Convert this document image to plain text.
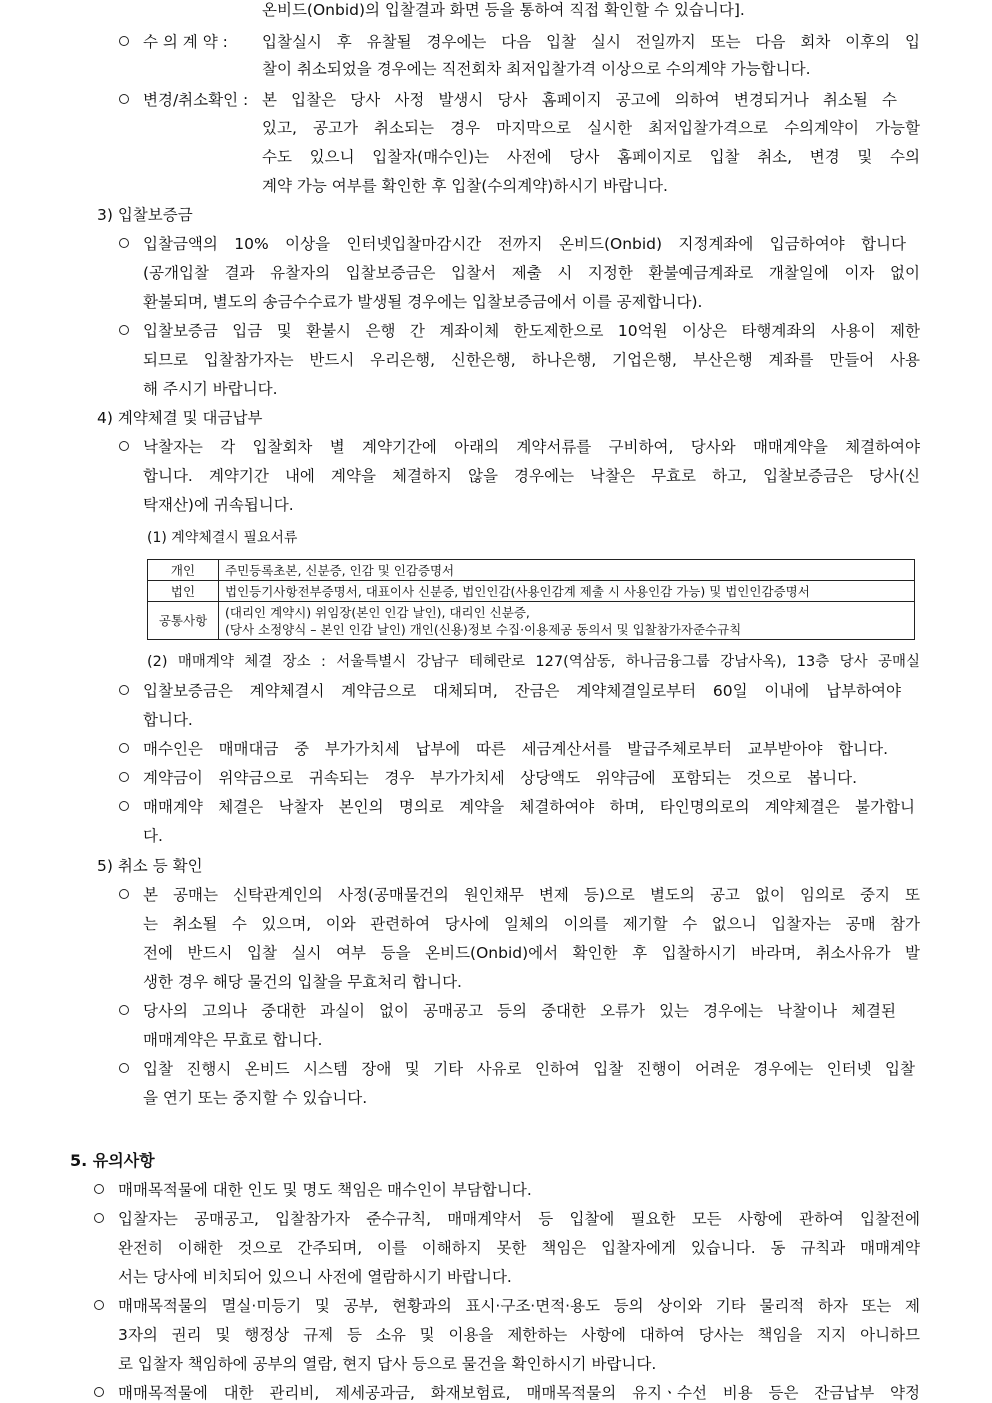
온비드(Onbid)의 입찰결과 화면 등을 통하여 직접 확인할 수 있습니다].
수 의 계 약 : 입찰실시 후 유찰될 경우에는 다음 입찰 실시 전일까지 또는 다음 회차 이후의 입
찰이 취소되었을 경우에는 직전회차 최저입찰가격 이상으로 수의계약 가능합니다.
변경/취소확인 : 본 입찰은 당사 사정 발생시 당사 홈페이지 공고에 의하여 변경되거나 취소될 수
있고, 공고가 취소되는 경우 마지막으로 실시한 최저입찰가격으로 수의계약이 가능할
수도 있으니 입찰자(매수인)는 사전에 당사 홈페이지로 입찰 취소, 변경 및 수의
계약 가능 여부를 확인한 후 입찰(수의계약)하시기 바랍니다.
3) 입찰보증금
입찰금액의 10% 이상을 인터넷입찰마감시간 전까지 온비드(Onbid) 지정계좌에 입금하여야 합니다
(공개입찰 결과 유찰자의 입찰보증금은 입찰서 제출 시 지정한 환불예금계좌로 개찰일에 이자 없이
환불되며, 별도의 송금수수료가 발생될 경우에는 입찰보증금에서 이를 공제합니다).
입찰보증금 입금 및 환불시 은행 간 계좌이체 한도제한으로 10억원 이상은 타행계좌의 사용이 제한
되므로 입찰참가자는 반드시 우리은행, 신한은행, 하나은행, 기업은행, 부산은행 계좌를 만들어 사용
해 주시기 바랍니다.
4) 계약체결 및 대금납부
낙찰자는 각 입찰회차 별 계약기간에 아래의 계약서류를 구비하여, 당사와 매매계약을 체결하여야
합니다. 계약기간 내에 계약을 체결하지 않을 경우에는 낙찰은 무효로 하고, 입찰보증금은 당사(신
탁재산)에 귀속됩니다.
(1) 계약체결시 필요서류
개인	주민등록초본, 신분증, 인감 및 인감증명서
법인	법인등기사항전부증명서, 대표이사 신분증, 법인인감(사용인감계 제출 시 사용인감 가능) 및 법인인감증명서
공통사항	(대리인 계약시) 위임장(본인 인감 날인), 대리인 신분증,
(당사 소정양식 – 본인 인감 날인) 개인(신용)정보 수집·이용제공 동의서 및 입찰참가자준수규칙
(2) 매매계약 체결 장소 : 서울특별시 강남구 테헤란로 127(역삼동, 하나금융그룹 강남사옥), 13층 당사 공매실
입찰보증금은 계약체결시 계약금으로 대체되며, 잔금은 계약체결일로부터 60일 이내에 납부하여야
합니다.
매수인은 매매대금 중 부가가치세 납부에 따른 세금계산서를 발급주체로부터 교부받아야 합니다.
계약금이 위약금으로 귀속되는 경우 부가가치세 상당액도 위약금에 포함되는 것으로 봅니다.
매매계약 체결은 낙찰자 본인의 명의로 계약을 체결하여야 하며, 타인명의로의 계약체결은 불가합니
다.
5) 취소 등 확인
본 공매는 신탁관계인의 사정(공매물건의 원인채무 변제 등)으로 별도의 공고 없이 임의로 중지 또
는 취소될 수 있으며, 이와 관련하여 당사에 일체의 이의를 제기할 수 없으니 입찰자는 공매 참가
전에 반드시 입찰 실시 여부 등을 온비드(Onbid)에서 확인한 후 입찰하시기 바라며, 취소사유가 발
생한 경우 해당 물건의 입찰을 무효처리 합니다.
당사의 고의나 중대한 과실이 없이 공매공고 등의 중대한 오류가 있는 경우에는 낙찰이나 체결된
매매계약은 무효로 합니다.
입찰 진행시 온비드 시스템 장애 및 기타 사유로 인하여 입찰 진행이 어려운 경우에는 인터넷 입찰
을 연기 또는 중지할 수 있습니다.
5. 유의사항
매매목적물에 대한 인도 및 명도 책임은 매수인이 부담합니다.
입찰자는 공매공고, 입찰참가자 준수규칙, 매매계약서 등 입찰에 필요한 모든 사항에 관하여 입찰전에
완전히 이해한 것으로 간주되며, 이를 이해하지 못한 책임은 입찰자에게 있습니다. 동 규칙과 매매계약
서는 당사에 비치되어 있으니 사전에 열람하시기 바랍니다.
매매목적물의 멸실·미등기 및 공부, 현황과의 표시·구조·면적·용도 등의 상이와 기타 물리적 하자 또는 제
3자의 권리 및 행정상 규제 등 소유 및 이용을 제한하는 사항에 대하여 당사는 책임을 지지 아니하므
로 입찰자 책임하에 공부의 열람, 현지 답사 등으로 물건을 확인하시기 바랍니다.
매매목적물에 대한 관리비, 제세공과금, 화재보험료, 매매목적물의 유지ㆍ수선 비용 등은 잔금납부 약정
